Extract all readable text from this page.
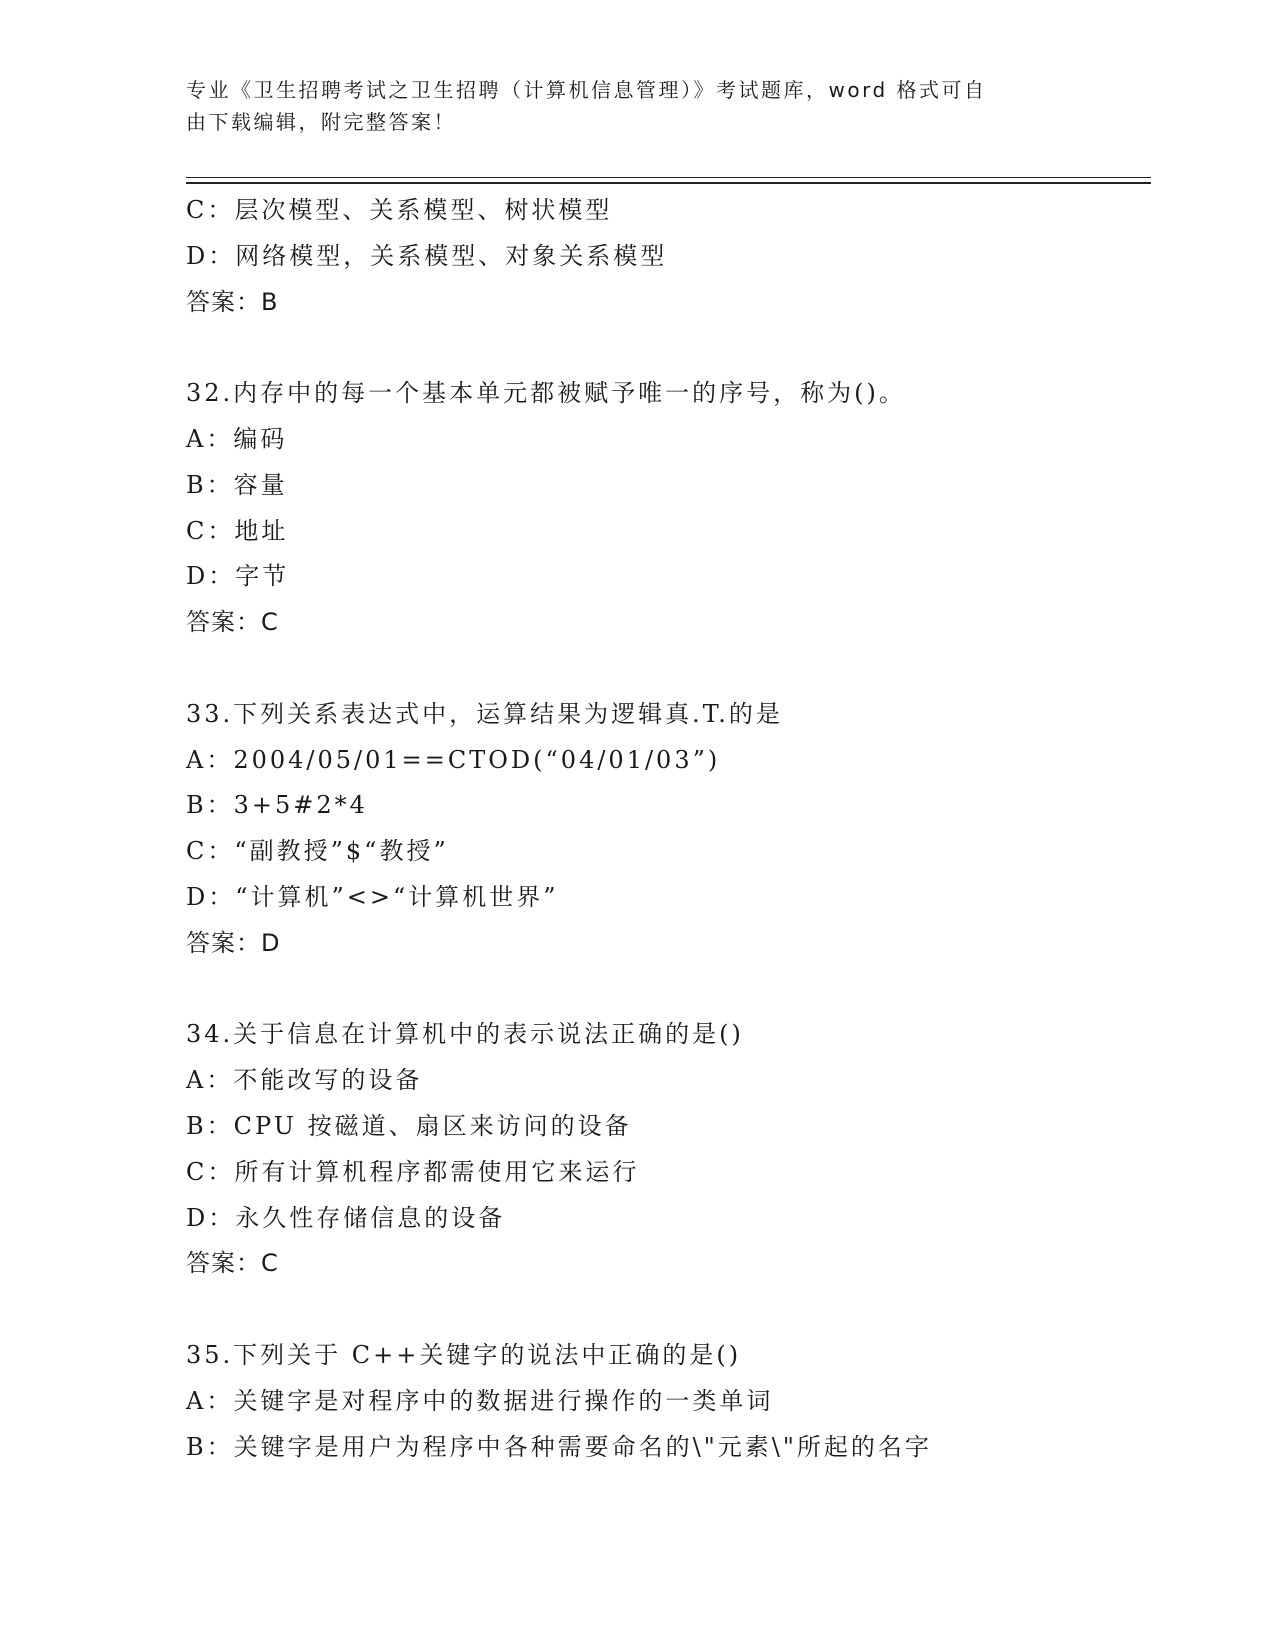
专业《卫生招聘考试之卫生招聘（计算机信息管理）》考试题库，word 格式可自
由下载编辑，附完整答案！
C：层次模型、关系模型、树状模型
D：网络模型，关系模型、对象关系模型
答案：B
32.内存中的每一个基本单元都被赋予唯一的序号，称为()。
A：编码
B：容量
C：地址
D：字节
答案：C
33.下列关系表达式中，运算结果为逻辑真.T.的是
A：2004/05/01==CTOD(“04/01/03”)
B：3+5#2*4
C：“副教授”$“教授”
D：“计算机”<>“计算机世界”
答案：D
34.关于信息在计算机中的表示说法正确的是()
A：不能改写的设备
B：CPU 按磁道、扇区来访问的设备
C：所有计算机程序都需使用它来运行
D：永久性存储信息的设备
答案：C
35.下列关于 C++关键字的说法中正确的是()
A：关键字是对程序中的数据进行操作的一类单词
B：关键字是用户为程序中各种需要命名的\"元素\"所起的名字
